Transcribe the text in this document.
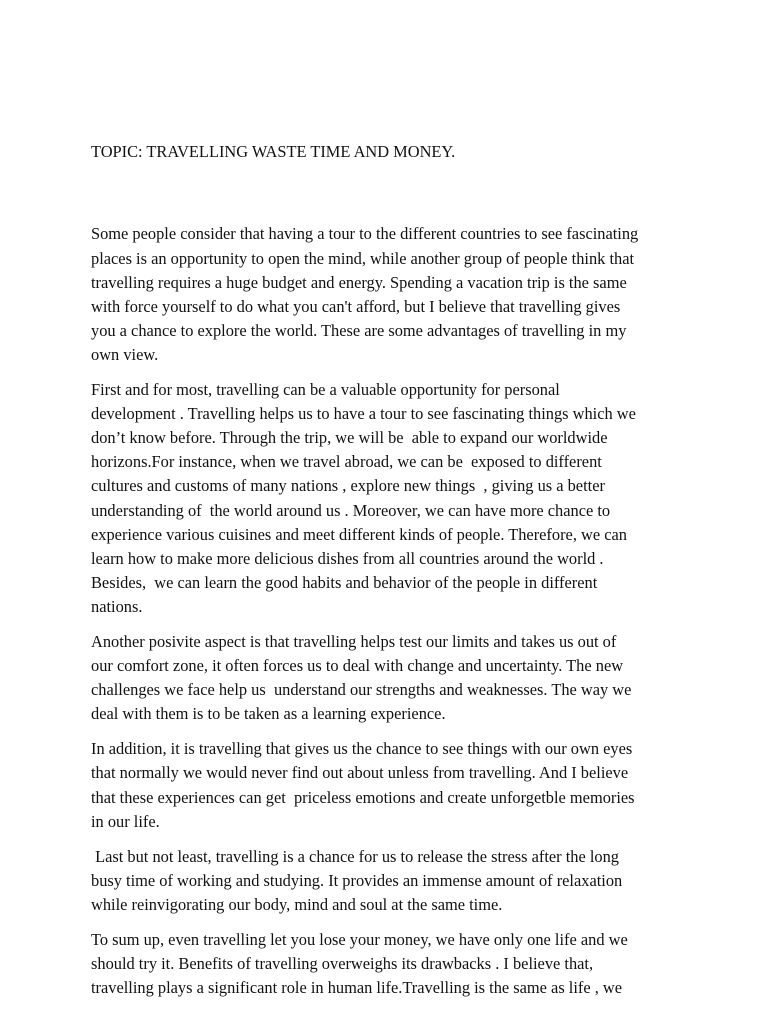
TOPIC: TRAVELLING WASTE TIME AND MONEY.

Some people consider that having a tour to the different countries to see fascinating
places is an opportunity to open the mind, while another group of people think that
travelling requires a huge budget and energy. Spending a vacation trip is the same
with force yourself to do what you can't afford, but I believe that travelling gives
you a chance to explore the world. These are some advantages of travelling in my
own view.
First and for most, travelling can be a valuable opportunity for personal
development . Travelling helps us to have a tour to see fascinating things which we
don’t know before. Through the trip, we will be  able to expand our worldwide
horizons.For instance, when we travel abroad, we can be  exposed to different
cultures and customs of many nations , explore new things  , giving us a better
understanding of  the world around us . Moreover, we can have more chance to
experience various cuisines and meet different kinds of people. Therefore, we can
learn how to make more delicious dishes from all countries around the world .
Besides,  we can learn the good habits and behavior of the people in different
nations.
Another posivite aspect is that travelling helps test our limits and takes us out of
our comfort zone, it often forces us to deal with change and uncertainty. The new
challenges we face help us  understand our strengths and weaknesses. The way we
deal with them is to be taken as a learning experience.
In addition, it is travelling that gives us the chance to see things with our own eyes
that normally we would never find out about unless from travelling. And I believe
that these experiences can get  priceless emotions and create unforgetble memories
in our life.
Last but not least, travelling is a chance for us to release the stress after the long
busy time of working and studying. It provides an immense amount of relaxation
while reinvigorating our body, mind and soul at the same time.
To sum up, even travelling let you lose your money, we have only one life and we
should try it. Benefits of travelling overweighs its drawbacks . I believe that,
travelling plays a significant role in human life.Travelling is the same as life , we
